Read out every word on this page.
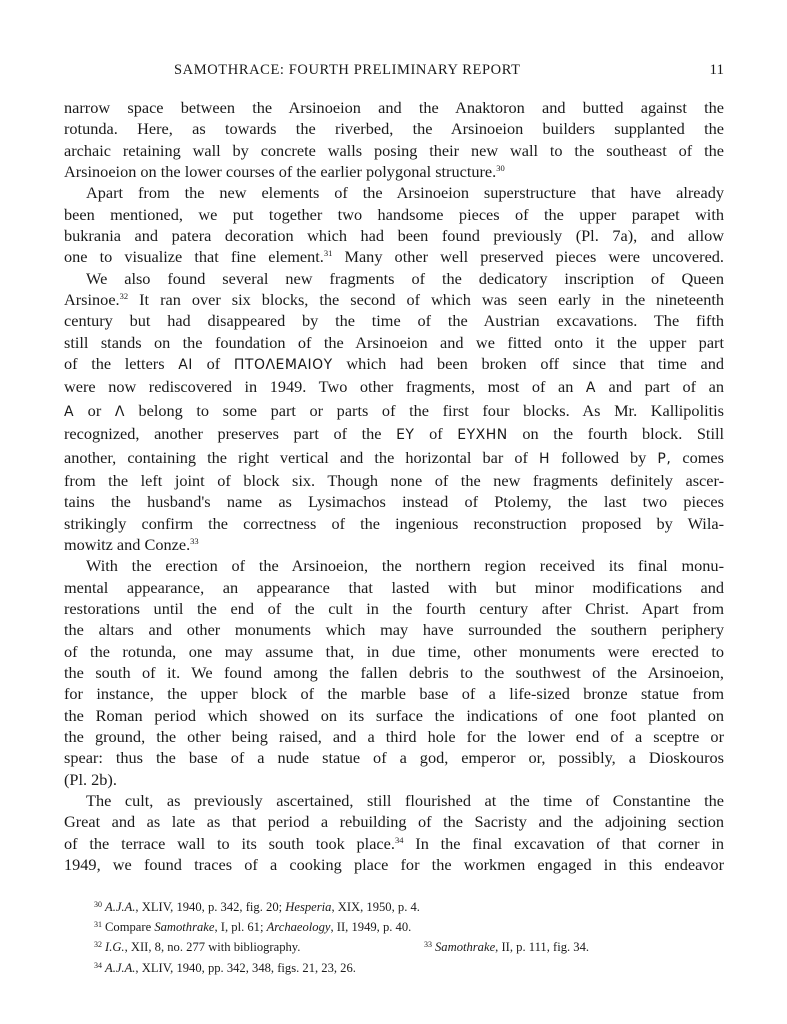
SAMOTHRACE: FOURTH PRELIMINARY REPORT	11
narrow space between the Arsinoeion and the Anaktoron and butted against the
rotunda. Here, as towards the riverbed, the Arsinoeion builders supplanted the
archaic retaining wall by concrete walls posing their new wall to the southeast of the
Arsinoeion on the lower courses of the earlier polygonal structure.$^{30}$
Apart from the new elements of the Arsinoeion superstructure that have already
been mentioned, we put together two handsome pieces of the upper parapet with
bukrania and patera decoration which had been found previously (Pl. 7a), and allow
one to visualize that fine element.$^{31}$ Many other well preserved pieces were uncovered.
We also found several new fragments of the dedicatory inscription of Queen
Arsinoe.$^{32}$ It ran over six blocks, the second of which was seen early in the nineteenth
century but had disappeared by the time of the Austrian excavations. The fifth
still stands on the foundation of the Arsinoeion and we fitted onto it the upper part
of the letters ΑΙ of ΠΤΟΛΕΜΑΙΟΥ which had been broken off since that time and
were now rediscovered in 1949. Two other fragments, most of an Α and part of an
Α or Λ belong to some part or parts of the first four blocks. As Mr. Kallipolitis
recognized, another preserves part of the ΕΥ of ΕΥΧΗΝ on the fourth block. Still
another, containing the right vertical and the horizontal bar of Η followed by Ρ, comes
from the left joint of block six. Though none of the new fragments definitely ascer-
tains the husband's name as Lysimachos instead of Ptolemy, the last two pieces
strikingly confirm the correctness of the ingenious reconstruction proposed by Wila-
mowitz and Conze.$^{33}$
With the erection of the Arsinoeion, the northern region received its final monu-
mental appearance, an appearance that lasted with but minor modifications and
restorations until the end of the cult in the fourth century after Christ. Apart from
the altars and other monuments which may have surrounded the southern periphery
of the rotunda, one may assume that, in due time, other monuments were erected to
the south of it. We found among the fallen debris to the southwest of the Arsinoeion,
for instance, the upper block of the marble base of a life-sized bronze statue from
the Roman period which showed on its surface the indications of one foot planted on
the ground, the other being raised, and a third hole for the lower end of a sceptre or
spear: thus the base of a nude statue of a god, emperor or, possibly, a Dioskouros
(Pl. 2b).
The cult, as previously ascertained, still flourished at the time of Constantine the
Great and as late as that period a rebuilding of the Sacristy and the adjoining section
of the terrace wall to its south took place.$^{34}$ In the final excavation of that corner in
1949, we found traces of a cooking place for the workmen engaged in this endeavor
$^{30}$ A.J.A., XLIV, 1940, p. 342, fig. 20; Hesperia, XIX, 1950, p. 4.
$^{31}$ Compare Samothrake, I, pl. 61; Archaeology, II, 1949, p. 40.
$^{32}$ I.G., XII, 8, no. 277 with bibliography.	$^{33}$ Samothrake, II, p. 111, fig. 34.
$^{34}$ A.J.A., XLIV, 1940, pp. 342, 348, figs. 21, 23, 26.
